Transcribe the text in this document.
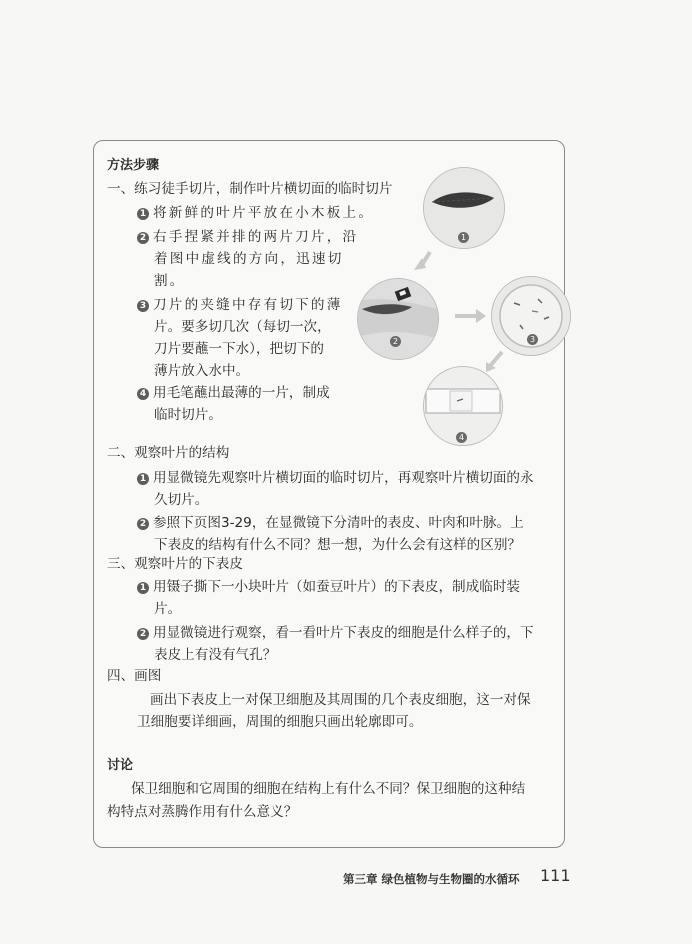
方法步骤

一、练习徒手切片，制作叶片横切面的临时切片

1 将新鲜的叶片平放在小木板上。

2 右手捏紧并排的两片刀片，沿

着图中虚线的方向，迅速切

割。

3 刀片的夹缝中存有切下的薄

片。要多切几次（每切一次，

刀片要蘸一下水），把切下的

薄片放入水中。

4 用毛笔蘸出最薄的一片，制成

临时切片。

1
2	3
4

二、观察叶片的结构

1 用显微镜先观察叶片横切面的临时切片，再观察叶片横切面的永

久切片。

2 参照下页图3-29，在显微镜下分清叶的表皮、叶肉和叶脉。上

下表皮的结构有什么不同？想一想，为什么会有这样的区别？

三、观察叶片的下表皮

1 用镊子撕下一小块叶片（如蚕豆叶片）的下表皮，制成临时装

片。

2 用显微镜进行观察，看一看叶片下表皮的细胞是什么样子的，下

表皮上有没有气孔？

四、画图

画出下表皮上一对保卫细胞及其周围的几个表皮细胞，这一对保

卫细胞要详细画，周围的细胞只画出轮廓即可。

讨论

保卫细胞和它周围的细胞在结构上有什么不同？保卫细胞的这种结

构特点对蒸腾作用有什么意义？

第三章 绿色植物与生物圈的水循环 111
